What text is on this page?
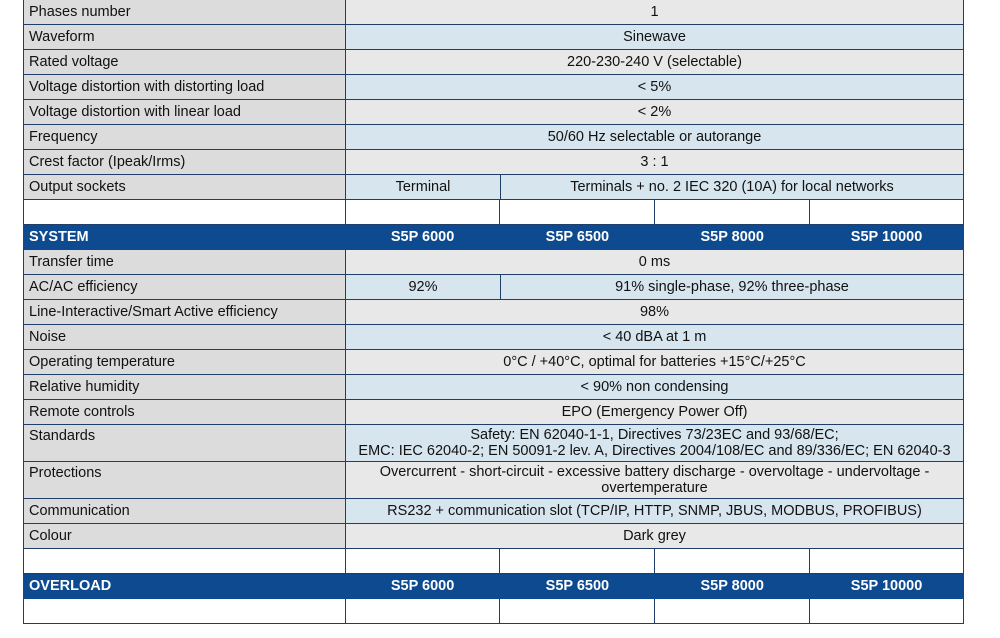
Phases number	1
Waveform	Sinewave
Rated voltage	220-230-240 V (selectable)
Voltage distortion with distorting load	< 5%
Voltage distortion with linear load	< 2%
Frequency	50/60 Hz selectable or autorange
Crest factor (Ipeak/Irms)	3 : 1
Output sockets	Terminal	Terminals + no. 2 IEC 320 (10A) for local networks
SYSTEM	S5P 6000	S5P 6500	S5P 8000	S5P 10000
Transfer time	0 ms
AC/AC efficiency	92%	91% single-phase, 92% three-phase
Line-Interactive/Smart Active efficiency	98%
Noise	< 40 dBA at 1 m
Operating temperature	0°C / +40°C, optimal for batteries +15°C/+25°C
Relative humidity	< 90% non condensing
Remote controls	EPO (Emergency Power Off)
Standards	Safety: EN 62040-1-1, Directives 73/23EC and 93/68/EC;
EMC: IEC 62040-2; EN 50091-2 lev. A, Directives 2004/108/EC and 89/336/EC; EN 62040-3
Protections	Overcurrent - short-circuit - excessive battery discharge - overvoltage - undervoltage -
overtemperature
Communication	RS232 + communication slot (TCP/IP, HTTP, SNMP, JBUS, MODBUS, PROFIBUS)
Colour	Dark grey
OVERLOAD	S5P 6000	S5P 6500	S5P 8000	S5P 10000
